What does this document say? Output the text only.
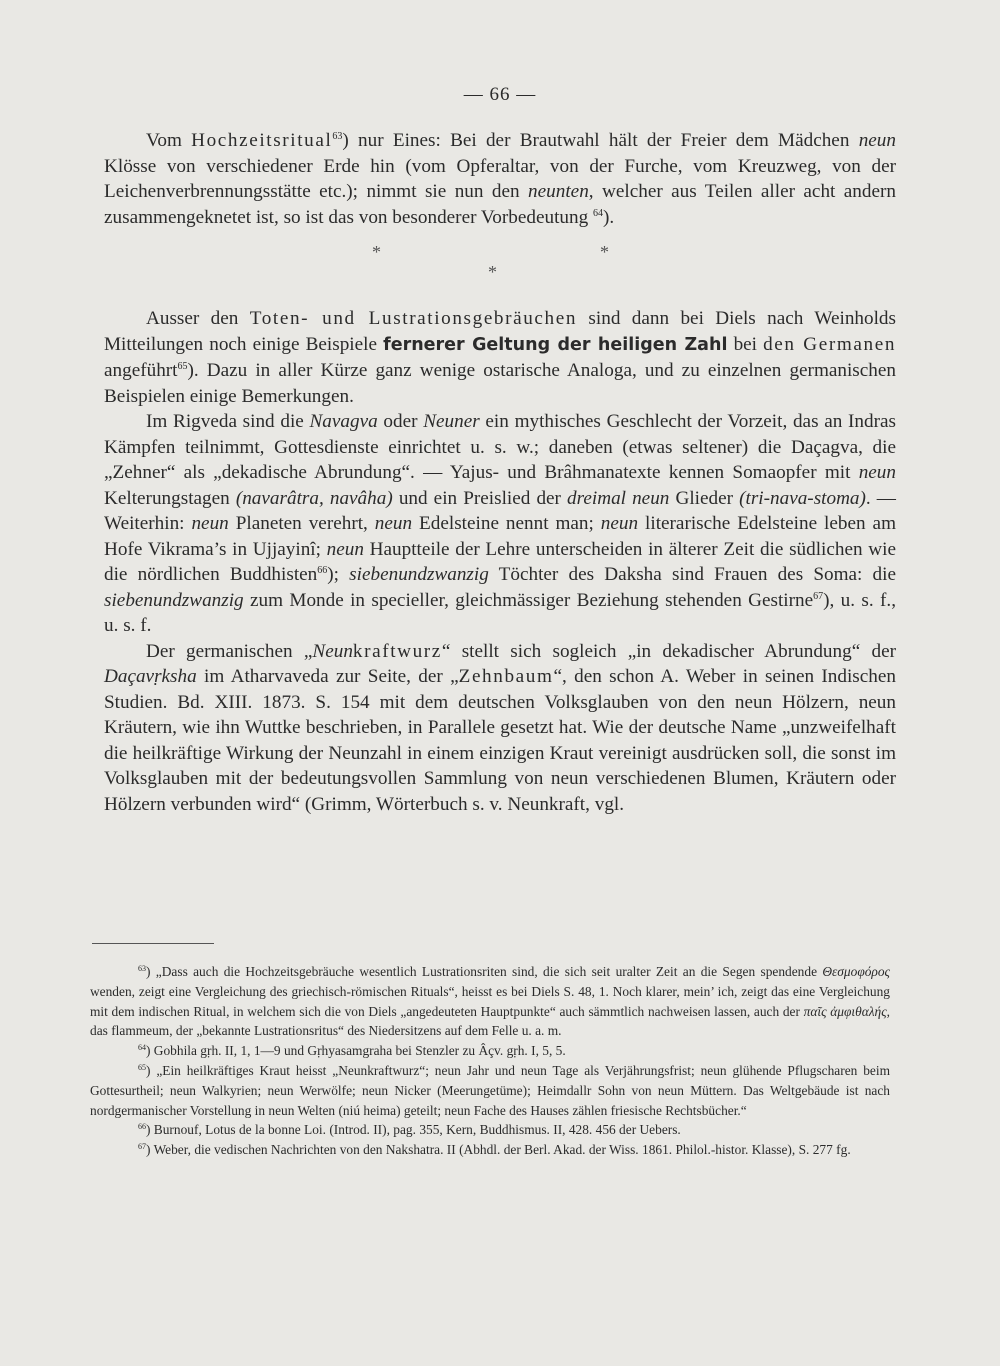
— 66 —

Vom Hochzeitsritual$^{63}$) nur Eines: Bei der Brautwahl hält der Freier dem Mädchen neun Klösse von verschiedener Erde hin (vom Opferaltar, von der Furche, vom Kreuzweg, von der Leichenverbrennungsstätte etc.); nimmt sie nun den neunten, welcher aus Teilen aller acht andern zusammengeknetet ist, so ist das von besonderer Vorbedeutung $^{64}$).

*	*
*

Ausser den Toten- und Lustrationsgebräuchen sind dann bei Diels nach Weinholds Mitteilungen noch einige Beispiele fernerer Geltung der heiligen Zahl bei den Germanen angeführt$^{65}$). Dazu in aller Kürze ganz wenige ostarische Analoga, und zu einzelnen germanischen Beispielen einige Bemerkungen.

Im Rigveda sind die Navagva oder Neuner ein mythisches Geschlecht der Vorzeit, das an Indras Kämpfen teilnimmt, Gottesdienste einrichtet u. s. w.; daneben (etwas seltener) die Daçagva, die „Zehner“ als „dekadische Abrundung“. — Yajus- und Brâhmanatexte kennen Somaopfer mit neun Kelterungstagen (navarâtra, navâha) und ein Preislied der dreimal neun Glieder (tri-nava-stoma). — Weiterhin: neun Planeten verehrt, neun Edelsteine nennt man; neun literarische Edelsteine leben am Hofe Vikrama’s in Ujjayinî; neun Hauptteile der Lehre unterscheiden in älterer Zeit die südlichen wie die nördlichen Buddhisten$^{66}$); siebenundzwanzig Töchter des Daksha sind Frauen des Soma: die siebenundzwanzig zum Monde in specieller, gleichmässiger Beziehung stehenden Gestirne$^{67}$), u. s. f., u. s. f.

Der germanischen „Neunkraftwurz“ stellt sich sogleich „in dekadischer Abrundung“ der Daçavṛksha im Atharvaveda zur Seite, der „Zehnbaum“, den schon A. Weber in seinen Indischen Studien. Bd. XIII. 1873. S. 154 mit dem deutschen Volksglauben von den neun Hölzern, neun Kräutern, wie ihn Wuttke beschrieben, in Parallele gesetzt hat. Wie der deutsche Name „unzweifelhaft die heilkräftige Wirkung der Neunzahl in einem einzigen Kraut vereinigt ausdrücken soll, die sonst im Volksglauben mit der bedeutungsvollen Sammlung von neun verschiedenen Blumen, Kräutern oder Hölzern verbunden wird“ (Grimm, Wörterbuch s. v. Neunkraft, vgl.

$^{63}$) „Dass auch die Hochzeitsgebräuche wesentlich Lustrationsriten sind, die sich seit uralter Zeit an die Segen spendende Θεσμοφόρος wenden, zeigt eine Vergleichung des griechisch-römischen Rituals“, heisst es bei Diels S. 48, 1. Noch klarer, mein’ ich, zeigt das eine Vergleichung mit dem indischen Ritual, in welchem sich die von Diels „angedeuteten Hauptpunkte“ auch sämmtlich nachweisen lassen, auch der παῖς ἀμφιθαλής, das flammeum, der „bekannte Lustrationsritus“ des Niedersitzens auf dem Felle u. a. m.

$^{64}$) Gobhila gṛh. II, 1, 1—9 und Gṛhyasamgraha bei Stenzler zu Âçv. gṛh. I, 5, 5.

$^{65}$) „Ein heilkräftiges Kraut heisst „Neunkraftwurz“; neun Jahr und neun Tage als Verjährungsfrist; neun glühende Pflugscharen beim Gottesurtheil; neun Walkyrien; neun Werwölfe; neun Nicker (Meerungetüme); Heimdallr Sohn von neun Müttern. Das Weltgebäude ist nach nordgermanischer Vorstellung in neun Welten (niú heima) geteilt; neun Fache des Hauses zählen friesische Rechtsbücher.“

$^{66}$) Burnouf, Lotus de la bonne Loi. (Introd. II), pag. 355, Kern, Buddhismus. II, 428. 456 der Uebers.

$^{67}$) Weber, die vedischen Nachrichten von den Nakshatra. II (Abhdl. der Berl. Akad. der Wiss. 1861. Philol.-histor. Klasse), S. 277 fg.
